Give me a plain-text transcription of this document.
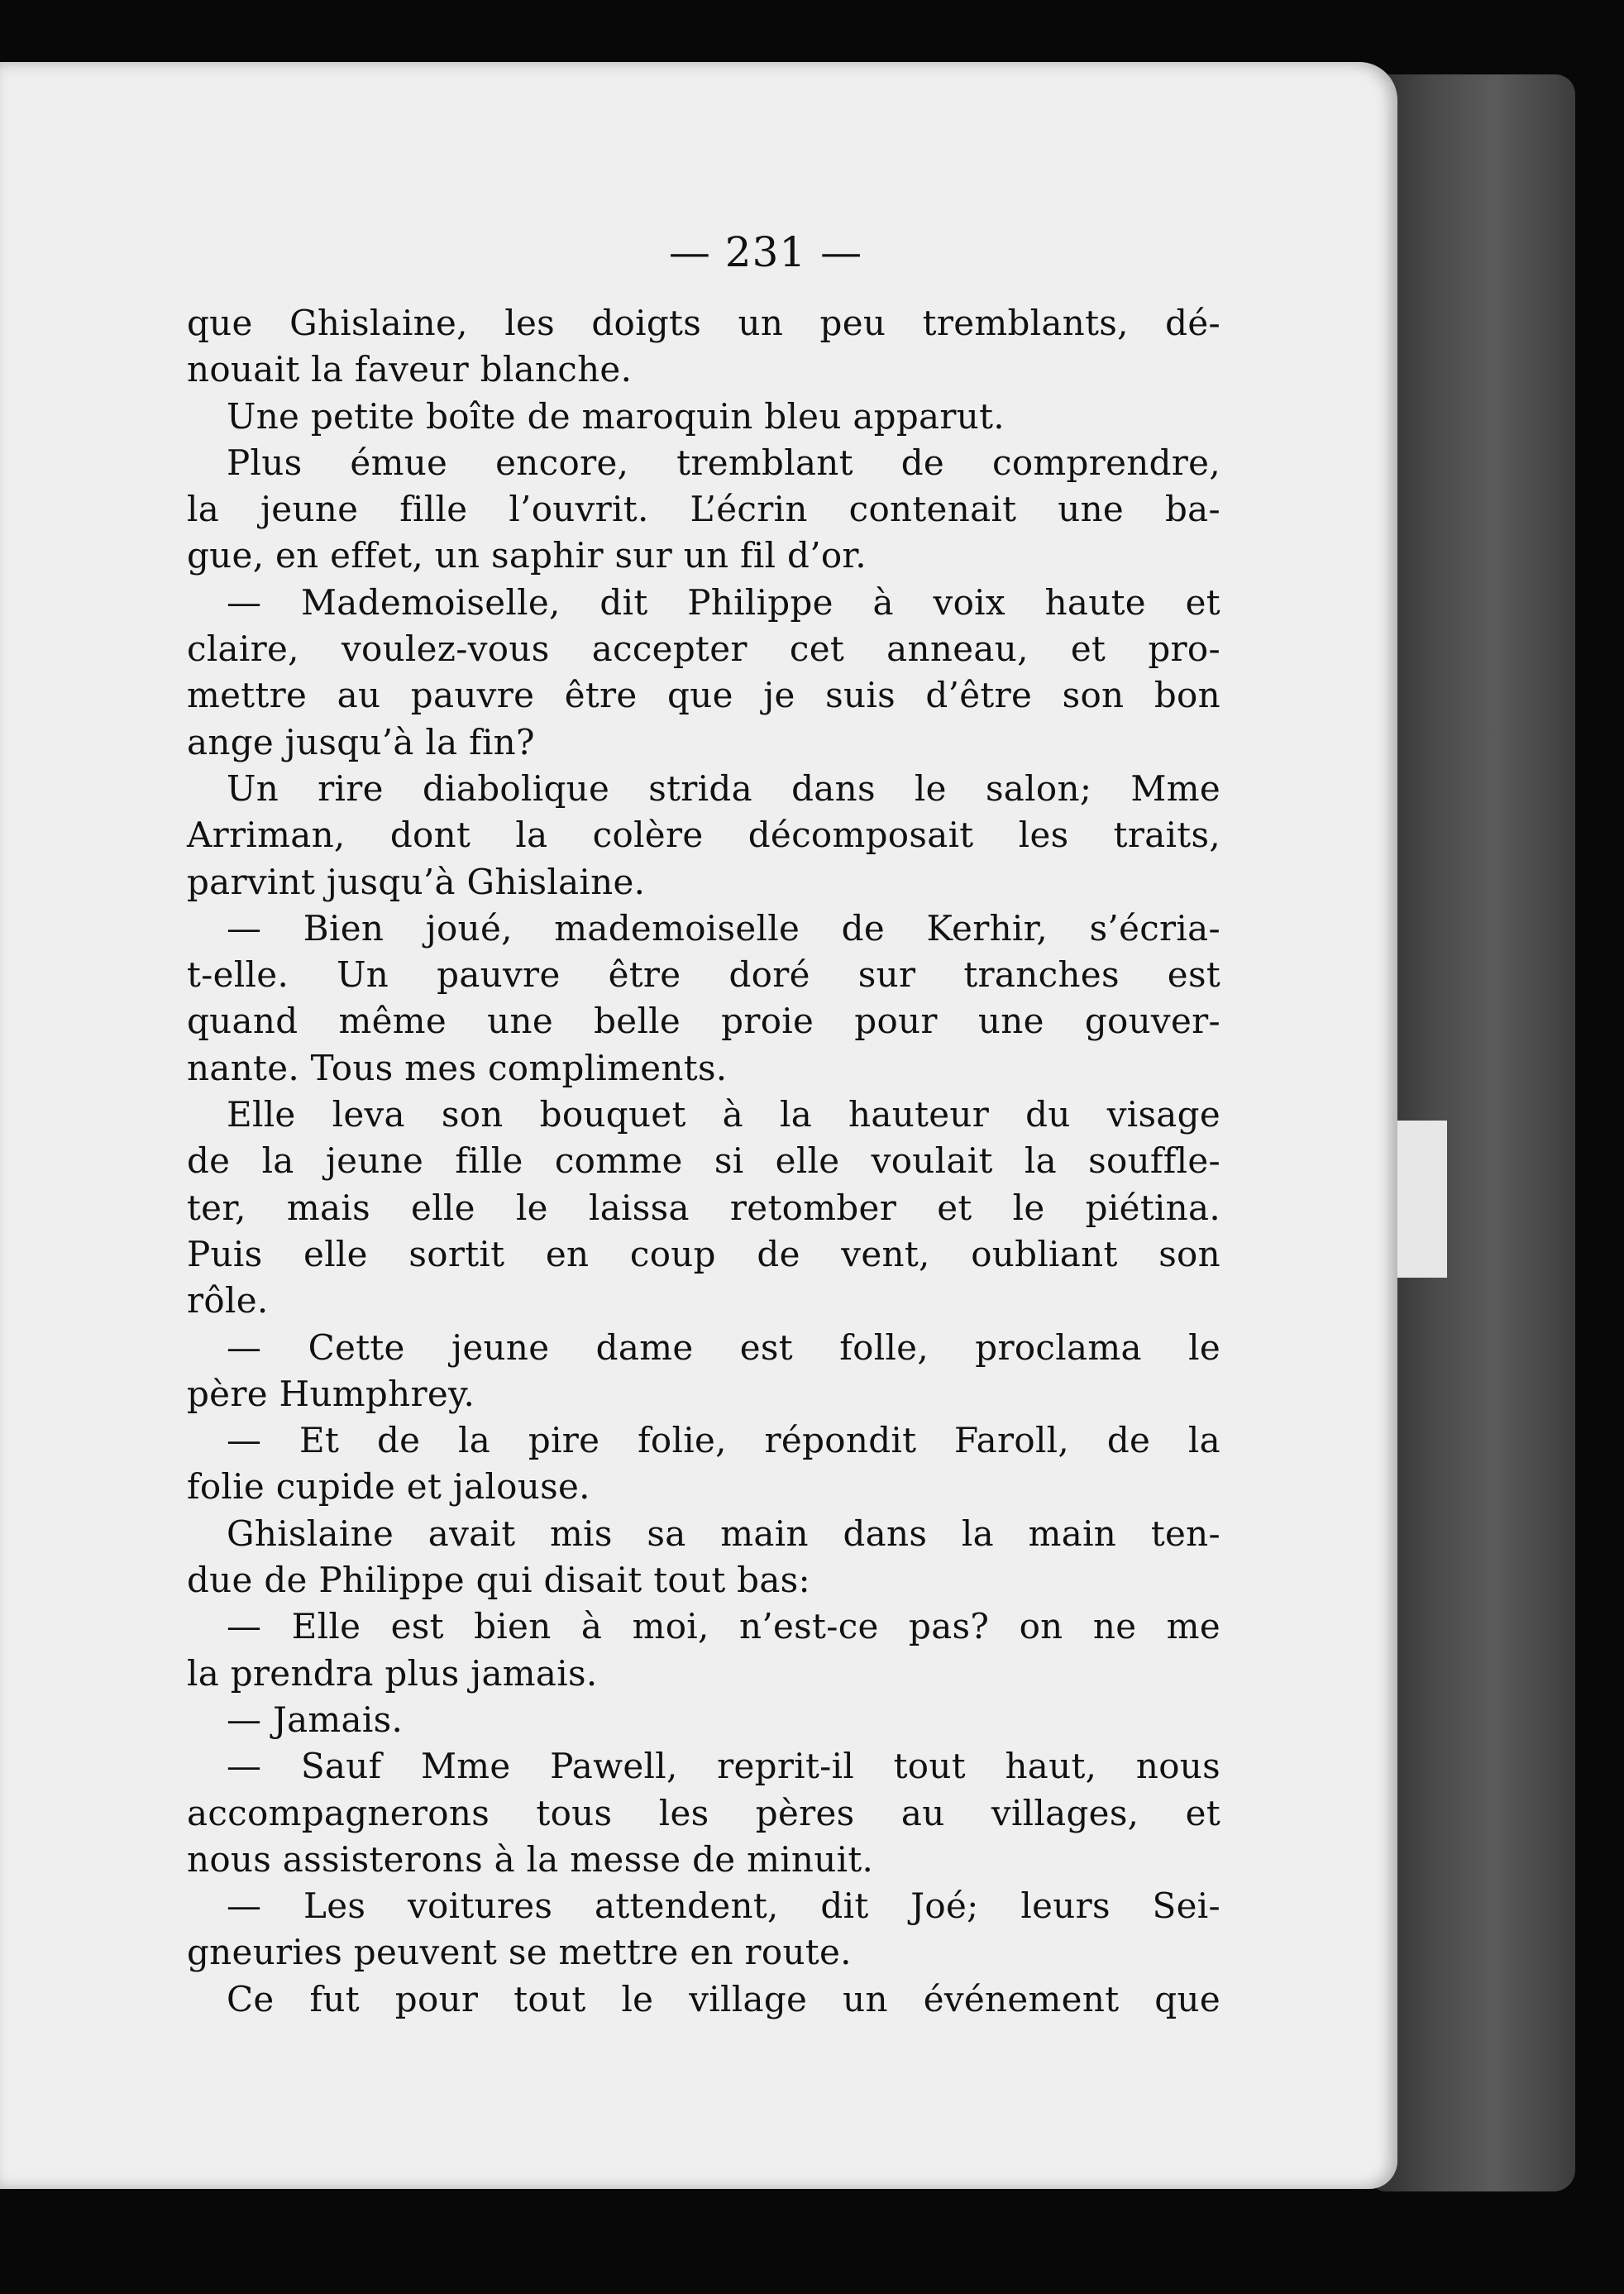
— 231 —
que Ghislaine, les doigts un peu tremblants, dé-
nouait la faveur blanche.
Une petite boîte de maroquin bleu apparut.
Plus émue encore, tremblant de comprendre,
la jeune fille l’ouvrit. L’écrin contenait une ba-
gue, en effet, un saphir sur un fil d’or.
— Mademoiselle, dit Philippe à voix haute et
claire, voulez-vous accepter cet anneau, et pro-
mettre au pauvre être que je suis d’être son bon
ange jusqu’à la fin?
Un rire diabolique strida dans le salon; Mme
Arriman, dont la colère décomposait les traits,
parvint jusqu’à Ghislaine.
— Bien joué, mademoiselle de Kerhir, s’écria-
t-elle. Un pauvre être doré sur tranches est
quand même une belle proie pour une gouver-
nante. Tous mes compliments.
Elle leva son bouquet à la hauteur du visage
de la jeune fille comme si elle voulait la souffle-
ter, mais elle le laissa retomber et le piétina.
Puis elle sortit en coup de vent, oubliant son
rôle.
— Cette jeune dame est folle, proclama le
père Humphrey.
— Et de la pire folie, répondit Faroll, de la
folie cupide et jalouse.
Ghislaine avait mis sa main dans la main ten-
due de Philippe qui disait tout bas:
— Elle est bien à moi, n’est-ce pas? on ne me
la prendra plus jamais.
— Jamais.
— Sauf Mme Pawell, reprit-il tout haut, nous
accompagnerons tous les pères au villages, et
nous assisterons à la messe de minuit.
— Les voitures attendent, dit Joé; leurs Sei-
gneuries peuvent se mettre en route.
Ce fut pour tout le village un événement que
